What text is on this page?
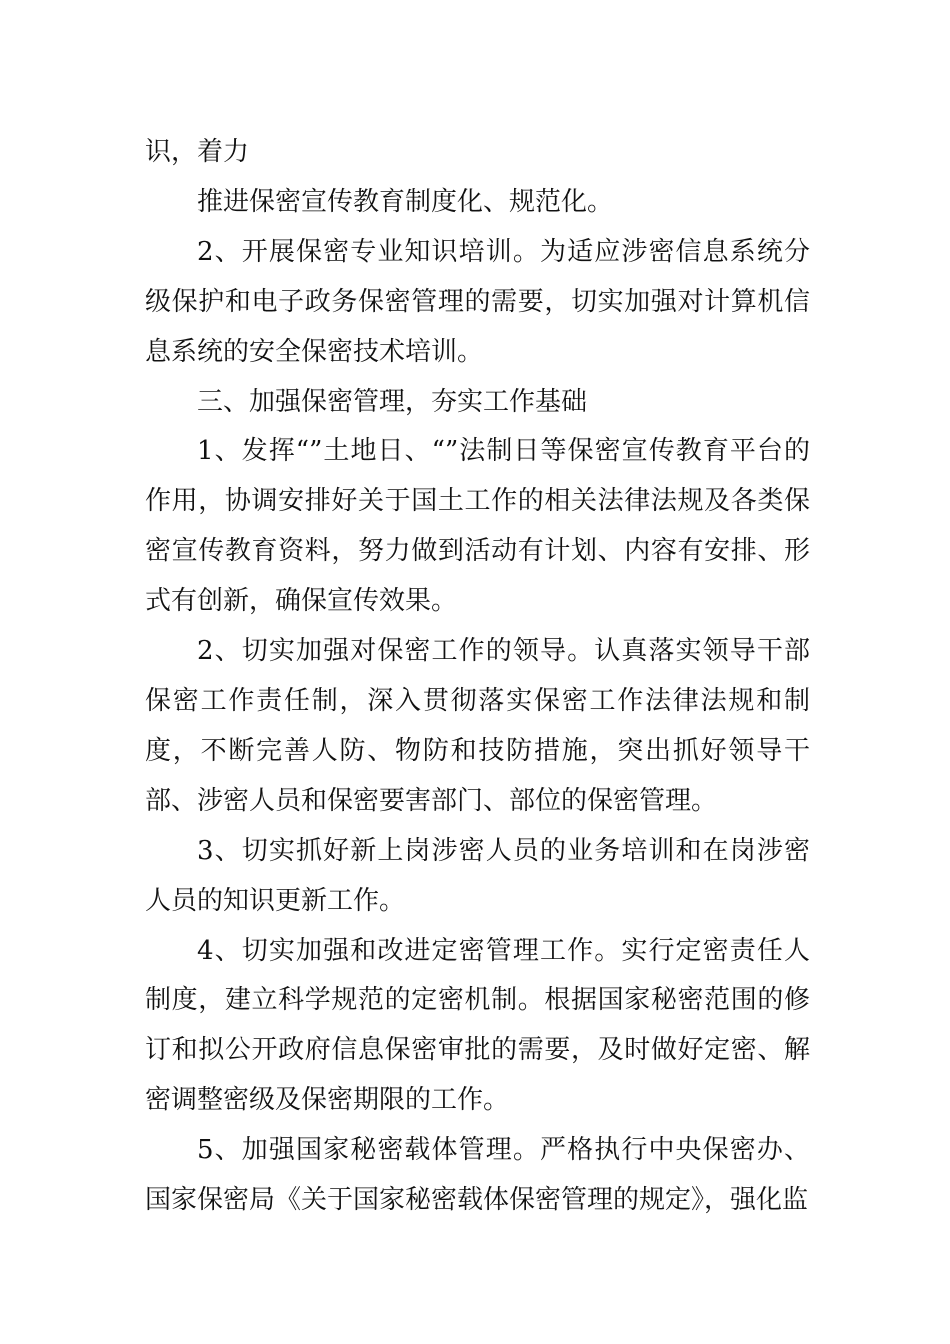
识，着力

推进保密宣传教育制度化、规范化。

2、开展保密专业知识培训。为适应涉密信息系统分级保护和电子政务保密管理的需要，切实加强对计算机信息系统的安全保密技术培训。

三、加强保密管理，夯实工作基础

1、发挥“”土地日、“”法制日等保密宣传教育平台的作用，协调安排好关于国土工作的相关法律法规及各类保密宣传教育资料，努力做到活动有计划、内容有安排、形式有创新，确保宣传效果。

2、切实加强对保密工作的领导。认真落实领导干部保密工作责任制，深入贯彻落实保密工作法律法规和制度，不断完善人防、物防和技防措施，突出抓好领导干部、涉密人员和保密要害部门、部位的保密管理。

3、切实抓好新上岗涉密人员的业务培训和在岗涉密人员的知识更新工作。

4、切实加强和改进定密管理工作。实行定密责任人制度，建立科学规范的定密机制。根据国家秘密范围的修订和拟公开政府信息保密审批的需要，及时做好定密、解密调整密级及保密期限的工作。

5、加强国家秘密载体管理。严格执行中央保密办、国家保密局《关于国家秘密载体保密管理的规定》，强化监
